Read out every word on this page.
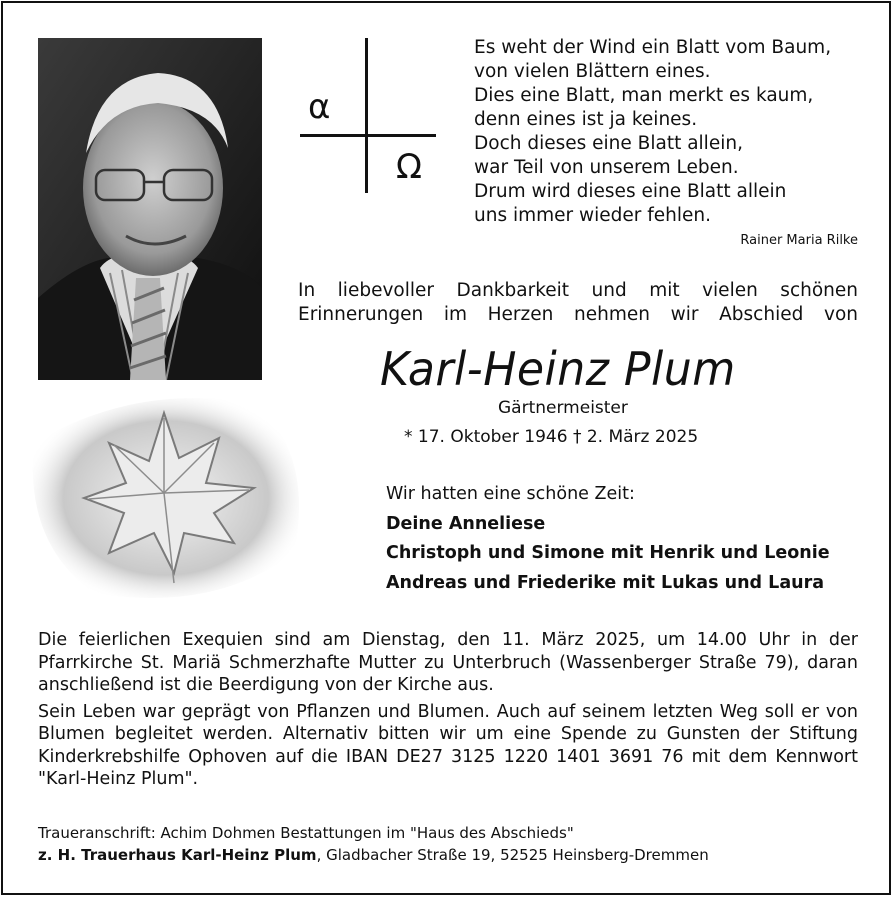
α
Ω
Es weht der Wind ein Blatt vom Baum,
von vielen Blättern eines.
Dies eine Blatt, man merkt es kaum,
denn eines ist ja keines.
Doch dieses eine Blatt allein,
war Teil von unserem Leben.
Drum wird dieses eine Blatt allein
uns immer wieder fehlen.
Rainer Maria Rilke
In liebevoller Dankbarkeit und mit vielen schönen
Erinnerungen im Herzen nehmen wir Abschied von
Karl-Heinz Plum
Gärtnermeister
* 17. Oktober 1946 † 2. März 2025
Wir hatten eine schöne Zeit:
Deine Anneliese
Christoph und Simone mit Henrik und Leonie
Andreas und Friederike mit Lukas und Laura

Die feierlichen Exequien sind am Dienstag, den 11. März 2025, um 14.00 Uhr in der Pfarrkirche St. Mariä Schmerzhafte Mutter zu Unterbruch (Wassenberger Straße 79), daran anschließend ist die Beerdigung von der Kirche aus.

Sein Leben war geprägt von Pflanzen und Blumen. Auch auf seinem letzten Weg soll er von Blumen begleitet werden. Alternativ bitten wir um eine Spende zu Gunsten der Stiftung Kinderkrebshilfe Ophoven auf die IBAN DE27 3125 1220 1401 3691 76 mit dem Kennwort "Karl-Heinz Plum".

Traueranschrift: Achim Dohmen Bestattungen im "Haus des Abschieds"
z. H. Trauerhaus Karl-Heinz Plum, Gladbacher Straße 19, 52525 Heinsberg-Dremmen
